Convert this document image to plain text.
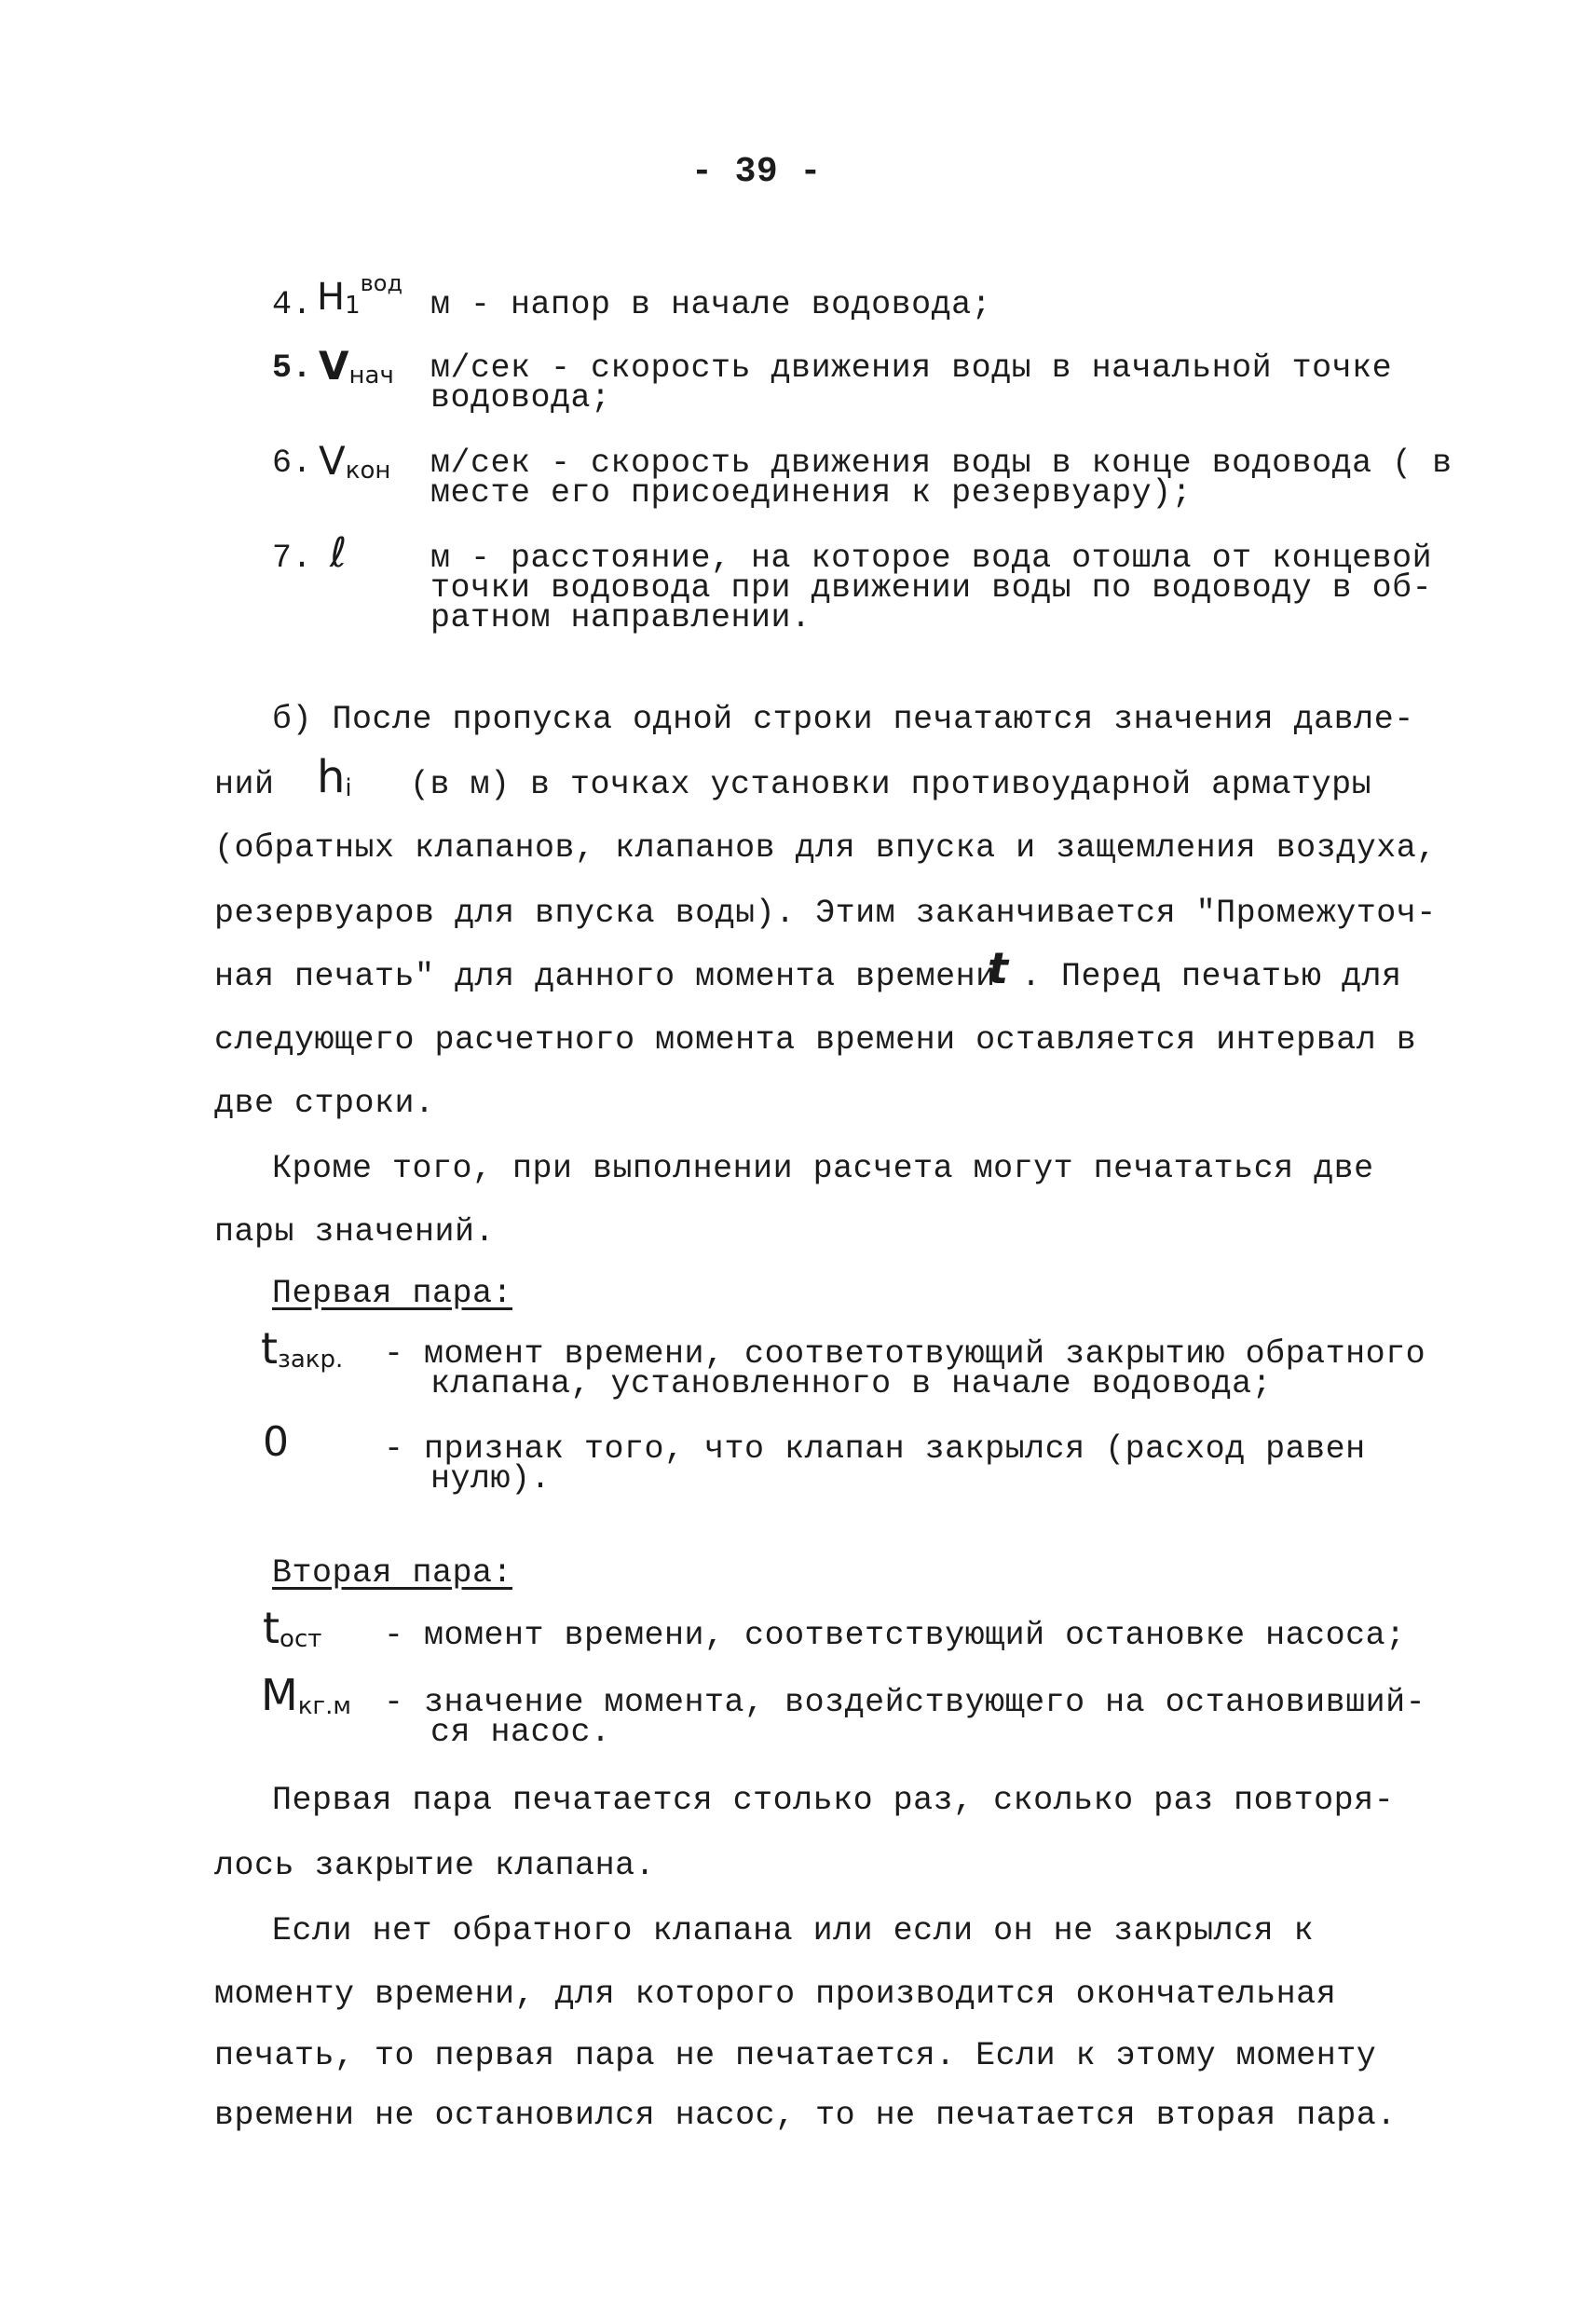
- 39 -
4. $H1^{вод}$
м - напор в начале водовода;
5. Vнач м/сек - скорость движения воды в начальной точке
водовода;
6. Vкон м/сек - скорость движения воды в конце водовода ( в
месте его присоединения к резервуару);
7. ℓ	м - расстояние, на которое вода отошла от концевой
точки водовода при движении воды по водоводу в об-
ратном направлении.
б) После пропуска одной строки печатаются значения давле-
ний hi (в м) в точках установки противоударной арматуры
(обратных клапанов, клапанов для впуска и защемления воздуха,
резервуаров для впуска воды). Этим заканчивается "Промежуточ-
ная печать" для данного момента времени
t . Перед печатью для
следующего расчетного момента времени оставляется интервал в
две строки.
Кроме того, при выполнении расчета могут печататься две
пары значений.
Первая пара:
tзакр. - момент времени, соответотвующий закрытию обратного
клапана, установленного в начале водовода;
0	- признак того, что клапан закрылся (расход равен
нулю).
Вторая пара:
tост - момент времени, соответствующий остановке насоса;
Mкг.м - значение момента, воздействующего на остановивший-
ся насос.
Первая пара печатается столько раз, сколько раз повторя-
лось закрытие клапана.
Если нет обратного клапана или если он не закрылся к
моменту времени, для которого производится окончательная
печать, то первая пара не печатается. Если к этому моменту
времени не остановился насос, то не печатается вторая пара.
